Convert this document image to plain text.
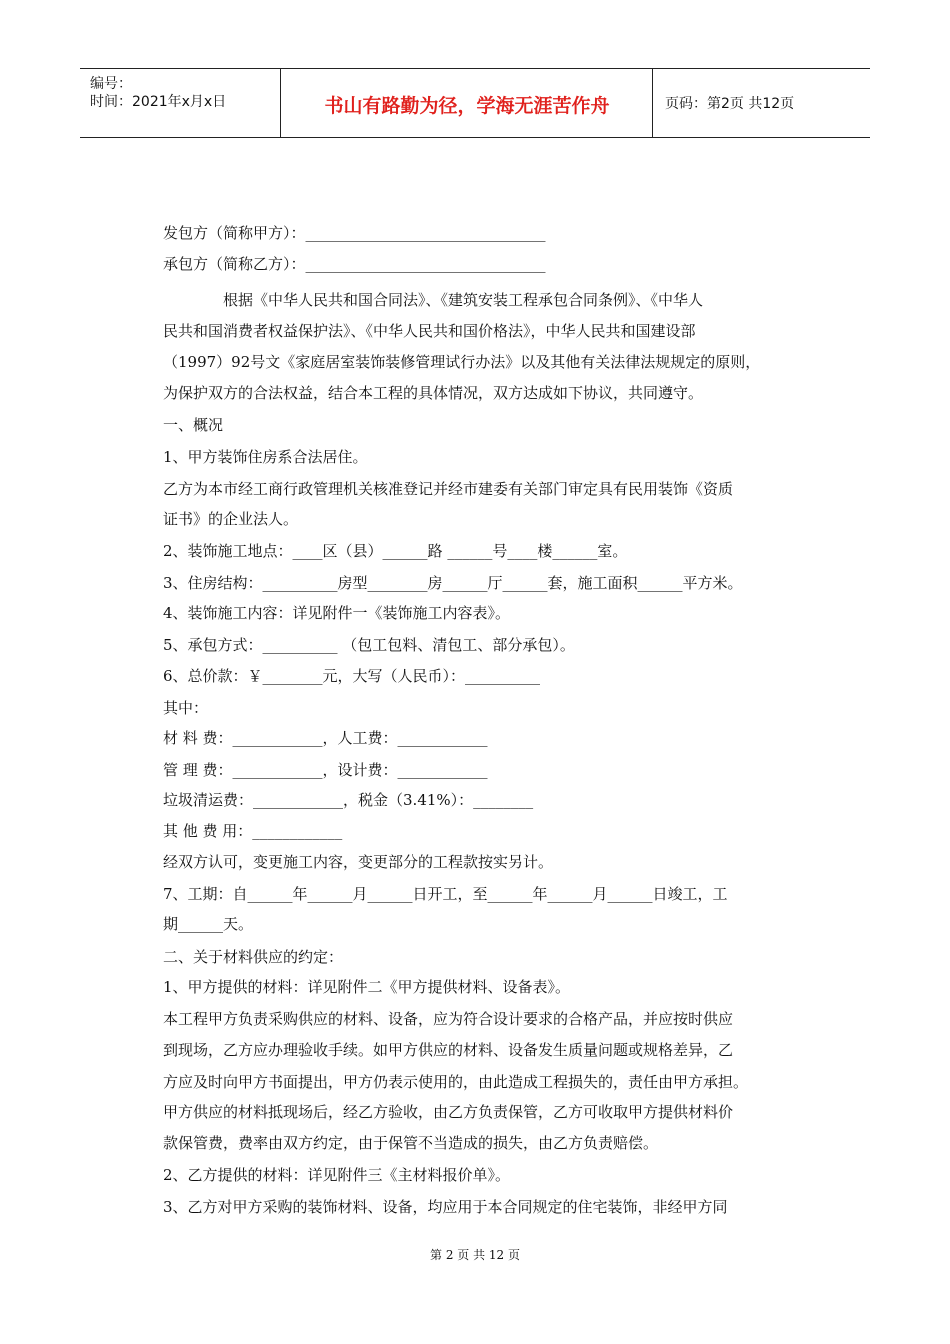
编号：
时间：2021年x月x日	书山有路勤为径，学海无涯苦作舟	页码：第2页 共12页
发包方（简称甲方）：________________________________
承包方（简称乙方）：________________________________
　　　　根据《中华人民共和国合同法》、《建筑安装工程承包合同条例》、《中华人
民共和国消费者权益保护法》、《中华人民共和国价格法》，中华人民共和国建设部
（1997）92号文《家庭居室装饰装修管理试行办法》以及其他有关法律法规规定的原则，
为保护双方的合法权益，结合本工程的具体情况，双方达成如下协议，共同遵守。
一、概况
1、甲方装饰住房系合法居住。
乙方为本市经工商行政管理机关核准登记并经市建委有关部门审定具有民用装饰《资质
证书》的企业法人。
2、装饰施工地点：____区（县）______路 ______号____楼______室。
3、住房结构：__________房型________房______厅______套，施工面积______平方米。
4、装饰施工内容：详见附件一《装饰施工内容表》。
5、承包方式：__________ （包工包料、清包工、部分承包）。
6、总价款：￥________元，大写（人民币）：__________
其中：
材 料 费：____________，人工费：____________
管 理 费：____________，设计费：____________
垃圾清运费：____________，税金（3.41%）：________
其 他 费 用：____________
经双方认可，变更施工内容，变更部分的工程款按实另计。
7、工期：自______年______月______日开工，至______年______月______日竣工，工
期______天。
二、关于材料供应的约定：
1、甲方提供的材料：详见附件二《甲方提供材料、设备表》。
本工程甲方负责采购供应的材料、设备，应为符合设计要求的合格产品，并应按时供应
到现场，乙方应办理验收手续。如甲方供应的材料、设备发生质量问题或规格差异，乙
方应及时向甲方书面提出，甲方仍表示使用的，由此造成工程损失的，责任由甲方承担。
甲方供应的材料抵现场后，经乙方验收，由乙方负责保管，乙方可收取甲方提供材料价
款保管费，费率由双方约定，由于保管不当造成的损失，由乙方负责赔偿。
2、乙方提供的材料：详见附件三《主材料报价单》。
3、乙方对甲方采购的装饰材料、设备，均应用于本合同规定的住宅装饰，非经甲方同
第 2 页 共 12 页
